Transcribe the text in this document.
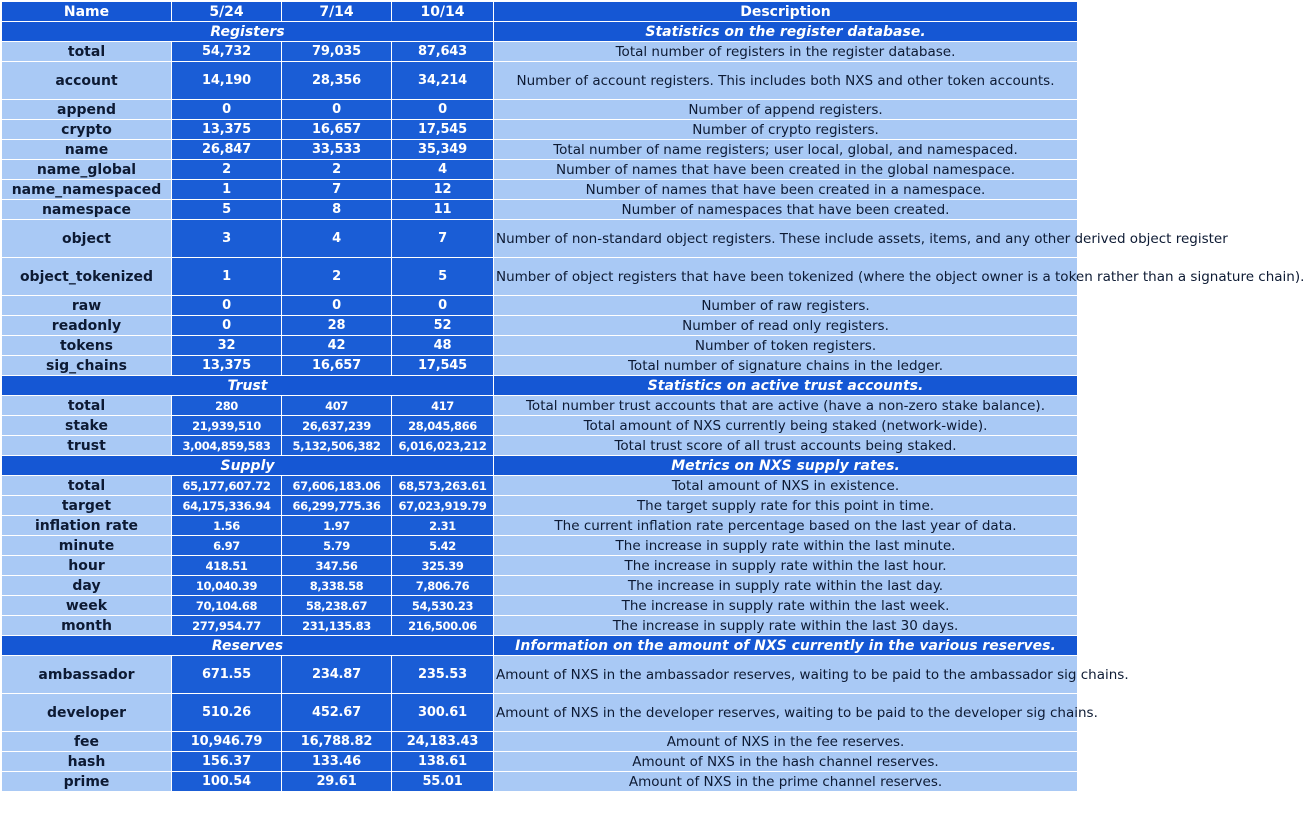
Name	5/24	7/14	10/14	Description
Registers				Statistics on the register database.
total	54,732	79,035	87,643	Total number of registers in the register database.
account	14,190	28,356	34,214	Number of account registers. This includes both NXS and other token accounts.
append	0	0	0	Number of append registers.
crypto	13,375	16,657	17,545	Number of crypto registers.
name	26,847	33,533	35,349	Total number of name registers; user local, global, and namespaced.
name_global	2	2	4	Number of names that have been created in the global namespace.
name_namespaced	1	7	12	Number of names that have been created in a namespace.
namespace	5	8	11	Number of namespaces that have been created.
object	3	4	7	Number of non-standard object registers. These include assets, items, and any other derived object register
object_tokenized	1	2	5	Number of object registers that have been tokenized (where the object owner is a token rather than a signature chain).
raw	0	0	0	Number of raw registers.
readonly	0	28	52	Number of read only registers.
tokens	32	42	48	Number of token registers.
sig_chains	13,375	16,657	17,545	Total number of signature chains in the ledger.
Trust				Statistics on active trust accounts.
total	280	407	417	Total number trust accounts that are active (have a non-zero stake balance).
stake	21,939,510	26,637,239	28,045,866	Total amount of NXS currently being staked (network-wide).
trust	3,004,859,583	5,132,506,382	6,016,023,212	Total trust score of all trust accounts being staked.
Supply				Metrics on NXS supply rates.
total	65,177,607.72	67,606,183.06	68,573,263.61	Total amount of NXS in existence.
target	64,175,336.94	66,299,775.36	67,023,919.79	The target supply rate for this point in time.
inflation rate	1.56	1.97	2.31	The current inflation rate percentage based on the last year of data.
minute	6.97	5.79	5.42	The increase in supply rate within the last minute.
hour	418.51	347.56	325.39	The increase in supply rate within the last hour.
day	10,040.39	8,338.58	7,806.76	The increase in supply rate within the last day.
week	70,104.68	58,238.67	54,530.23	The increase in supply rate within the last week.
month	277,954.77	231,135.83	216,500.06	The increase in supply rate within the last 30 days.
Reserves				Information on the amount of NXS currently in the various reserves.
ambassador	671.55	234.87	235.53	Amount of NXS in the ambassador reserves, waiting to be paid to the ambassador sig chains.
developer	510.26	452.67	300.61	Amount of NXS in the developer reserves, waiting to be paid to the developer sig chains.
fee	10,946.79	16,788.82	24,183.43	Amount of NXS in the fee reserves.
hash	156.37	133.46	138.61	Amount of NXS in the hash channel reserves.
prime	100.54	29.61	55.01	Amount of NXS in the prime channel reserves.
